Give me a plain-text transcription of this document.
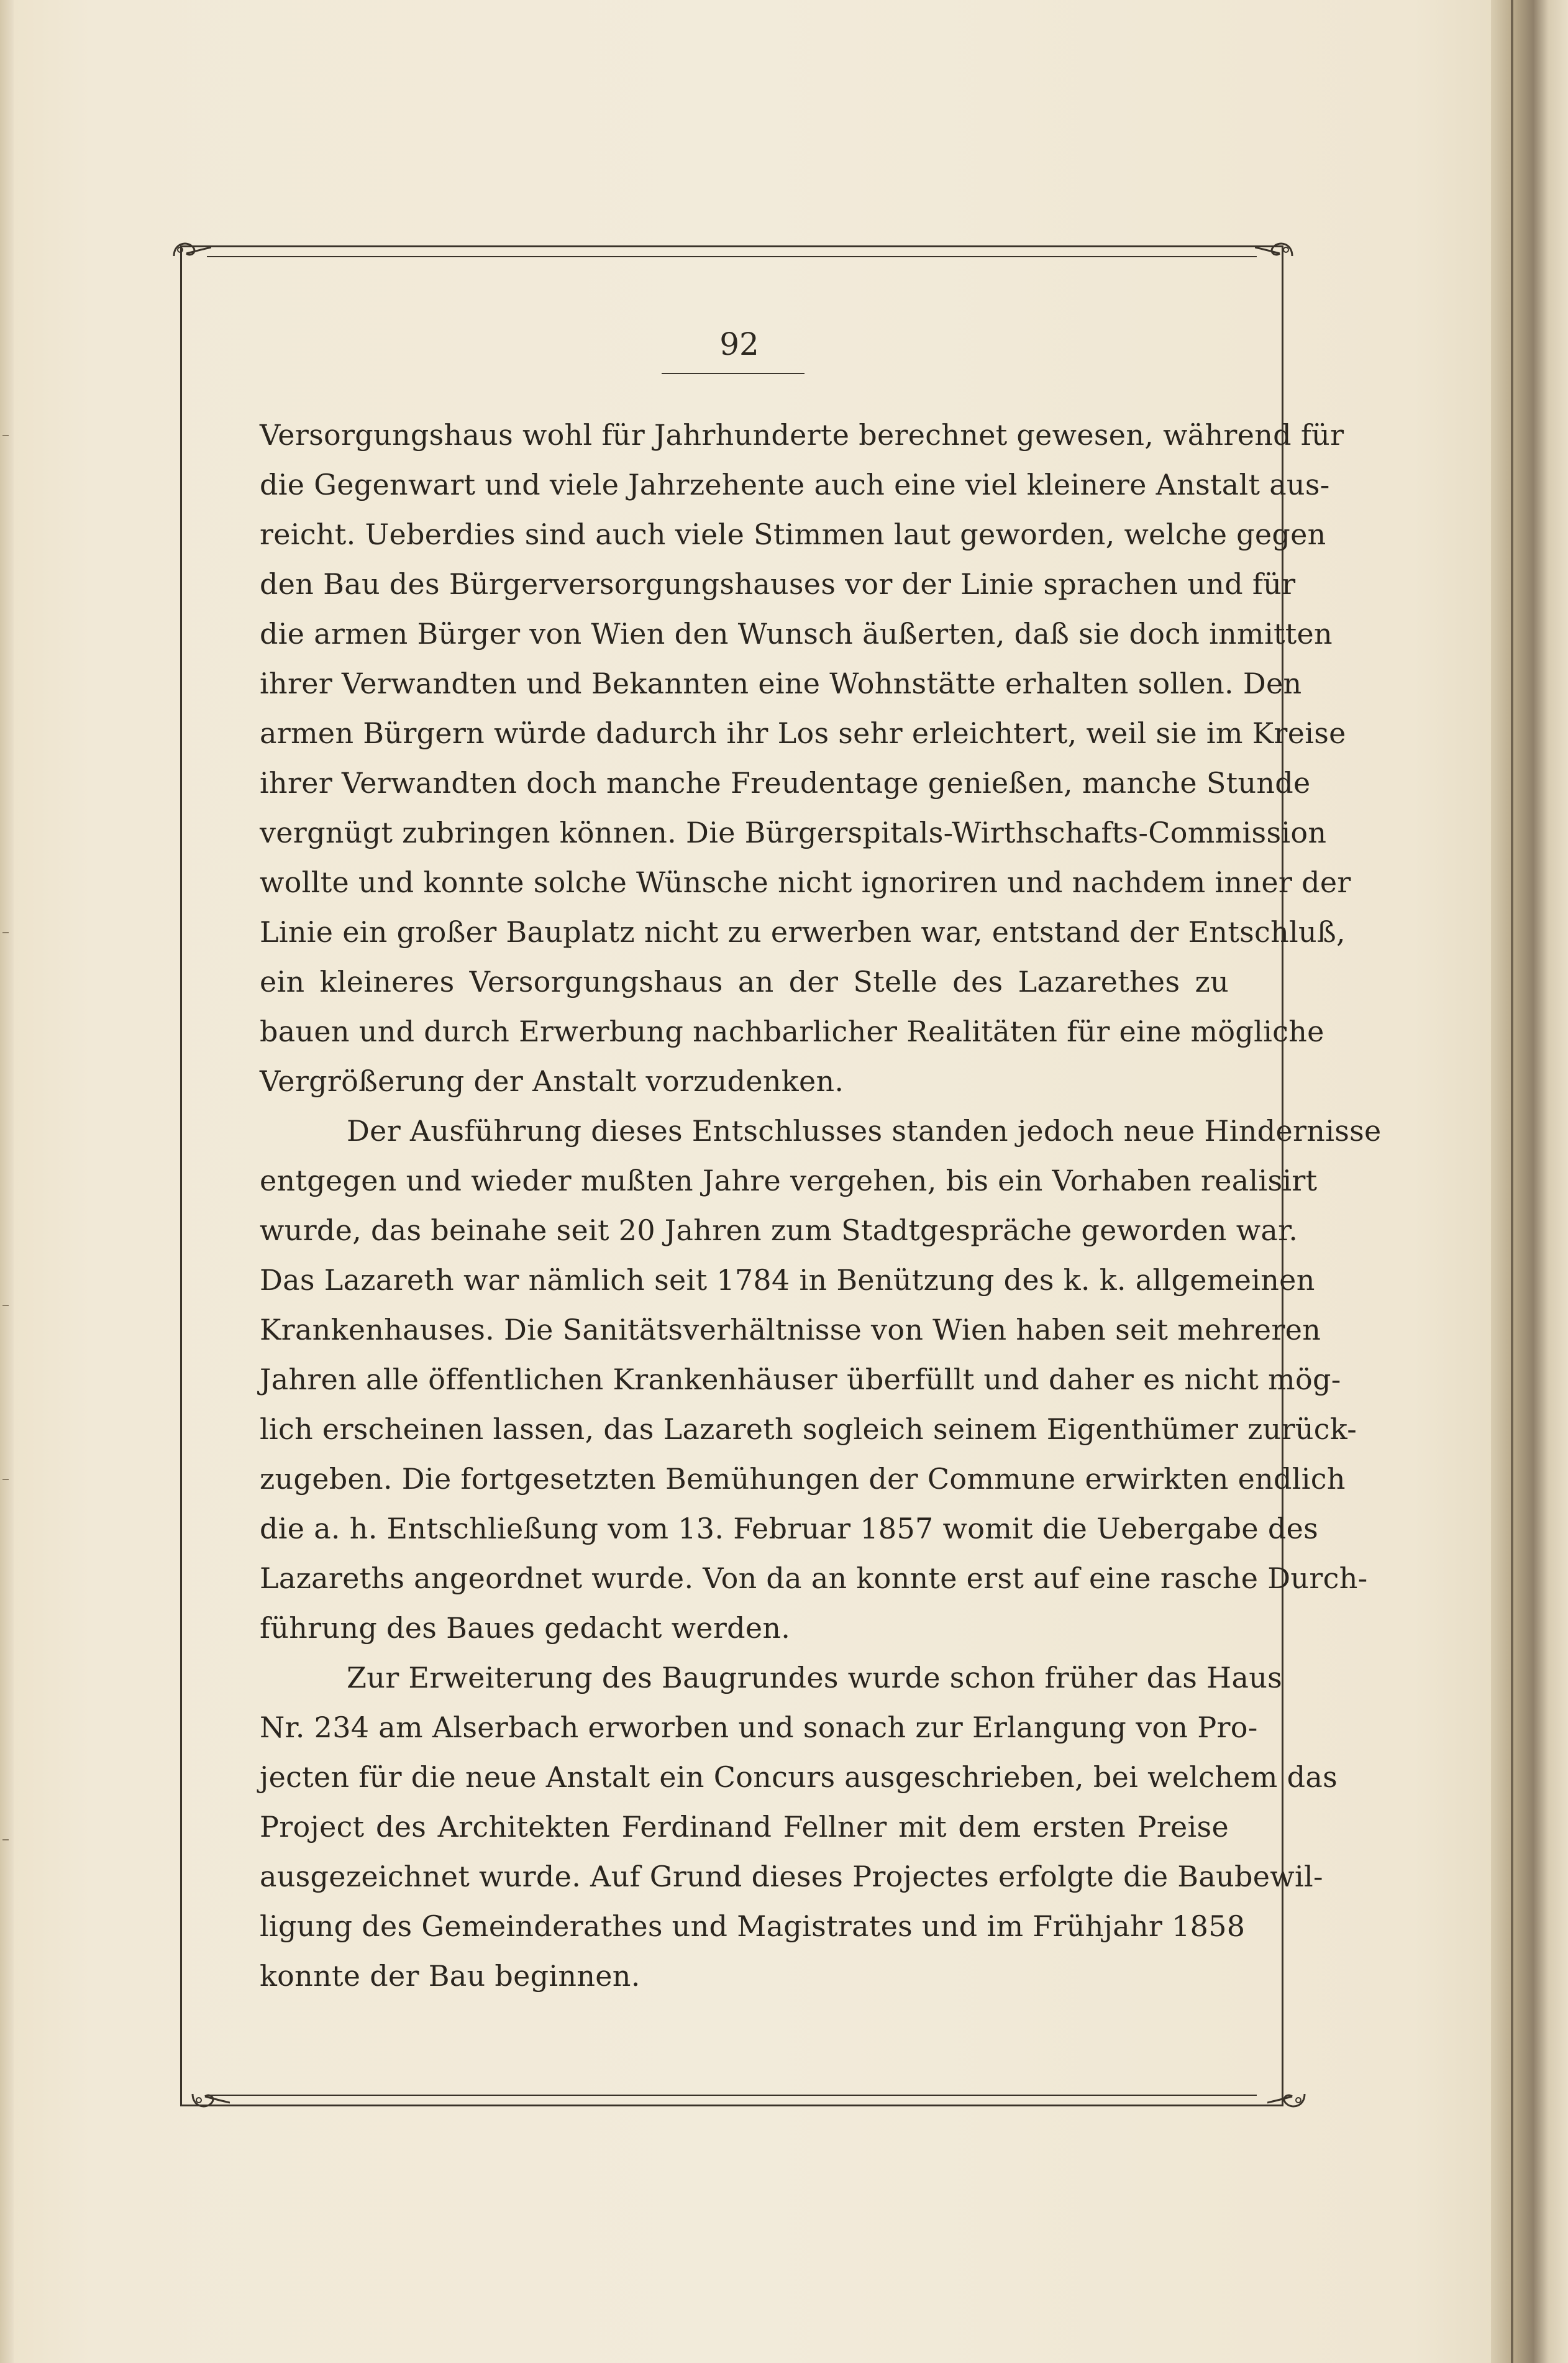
92
Versorgungshaus wohl für Jahrhunderte berechnet gewesen, während für
die Gegenwart und viele Jahrzehente auch eine viel kleinere Anstalt aus-
reicht. Ueberdies sind auch viele Stimmen laut geworden, welche gegen
den Bau des Bürgerversorgungshauses vor der Linie sprachen und für
die armen Bürger von Wien den Wunsch äußerten, daß sie doch inmitten
ihrer Verwandten und Bekannten eine Wohnstätte erhalten sollen. Den
armen Bürgern würde dadurch ihr Los sehr erleichtert, weil sie im Kreise
ihrer Verwandten doch manche Freudentage genießen, manche Stunde
vergnügt zubringen können. Die Bürgerspitals-Wirthschafts-Commission
wollte und konnte solche Wünsche nicht ignoriren und nachdem inner der
Linie ein großer Bauplatz nicht zu erwerben war, entstand der Entschluß,
ein kleineres Versorgungshaus an der Stelle des Lazarethes zu
bauen und durch Erwerbung nachbarlicher Realitäten für eine mögliche
Vergrößerung der Anstalt vorzudenken.
Der Ausführung dieses Entschlusses standen jedoch neue Hindernisse
entgegen und wieder mußten Jahre vergehen, bis ein Vorhaben realisirt
wurde, das beinahe seit 20 Jahren zum Stadtgespräche geworden war.
Das Lazareth war nämlich seit 1784 in Benützung des k. k. allgemeinen
Krankenhauses. Die Sanitätsverhältnisse von Wien haben seit mehreren
Jahren alle öffentlichen Krankenhäuser überfüllt und daher es nicht mög-
lich erscheinen lassen, das Lazareth sogleich seinem Eigenthümer zurück-
zugeben. Die fortgesetzten Bemühungen der Commune erwirkten endlich
die a. h. Entschließung vom 13. Februar 1857 womit die Uebergabe des
Lazareths angeordnet wurde. Von da an konnte erst auf eine rasche Durch-
führung des Baues gedacht werden.
Zur Erweiterung des Baugrundes wurde schon früher das Haus
Nr. 234 am Alserbach erworben und sonach zur Erlangung von Pro-
jecten für die neue Anstalt ein Concurs ausgeschrieben, bei welchem das
Project des Architekten Ferdinand Fellner mit dem ersten Preise
ausgezeichnet wurde. Auf Grund dieses Projectes erfolgte die Baubewil-
ligung des Gemeinderathes und Magistrates und im Frühjahr 1858
konnte der Bau beginnen.
